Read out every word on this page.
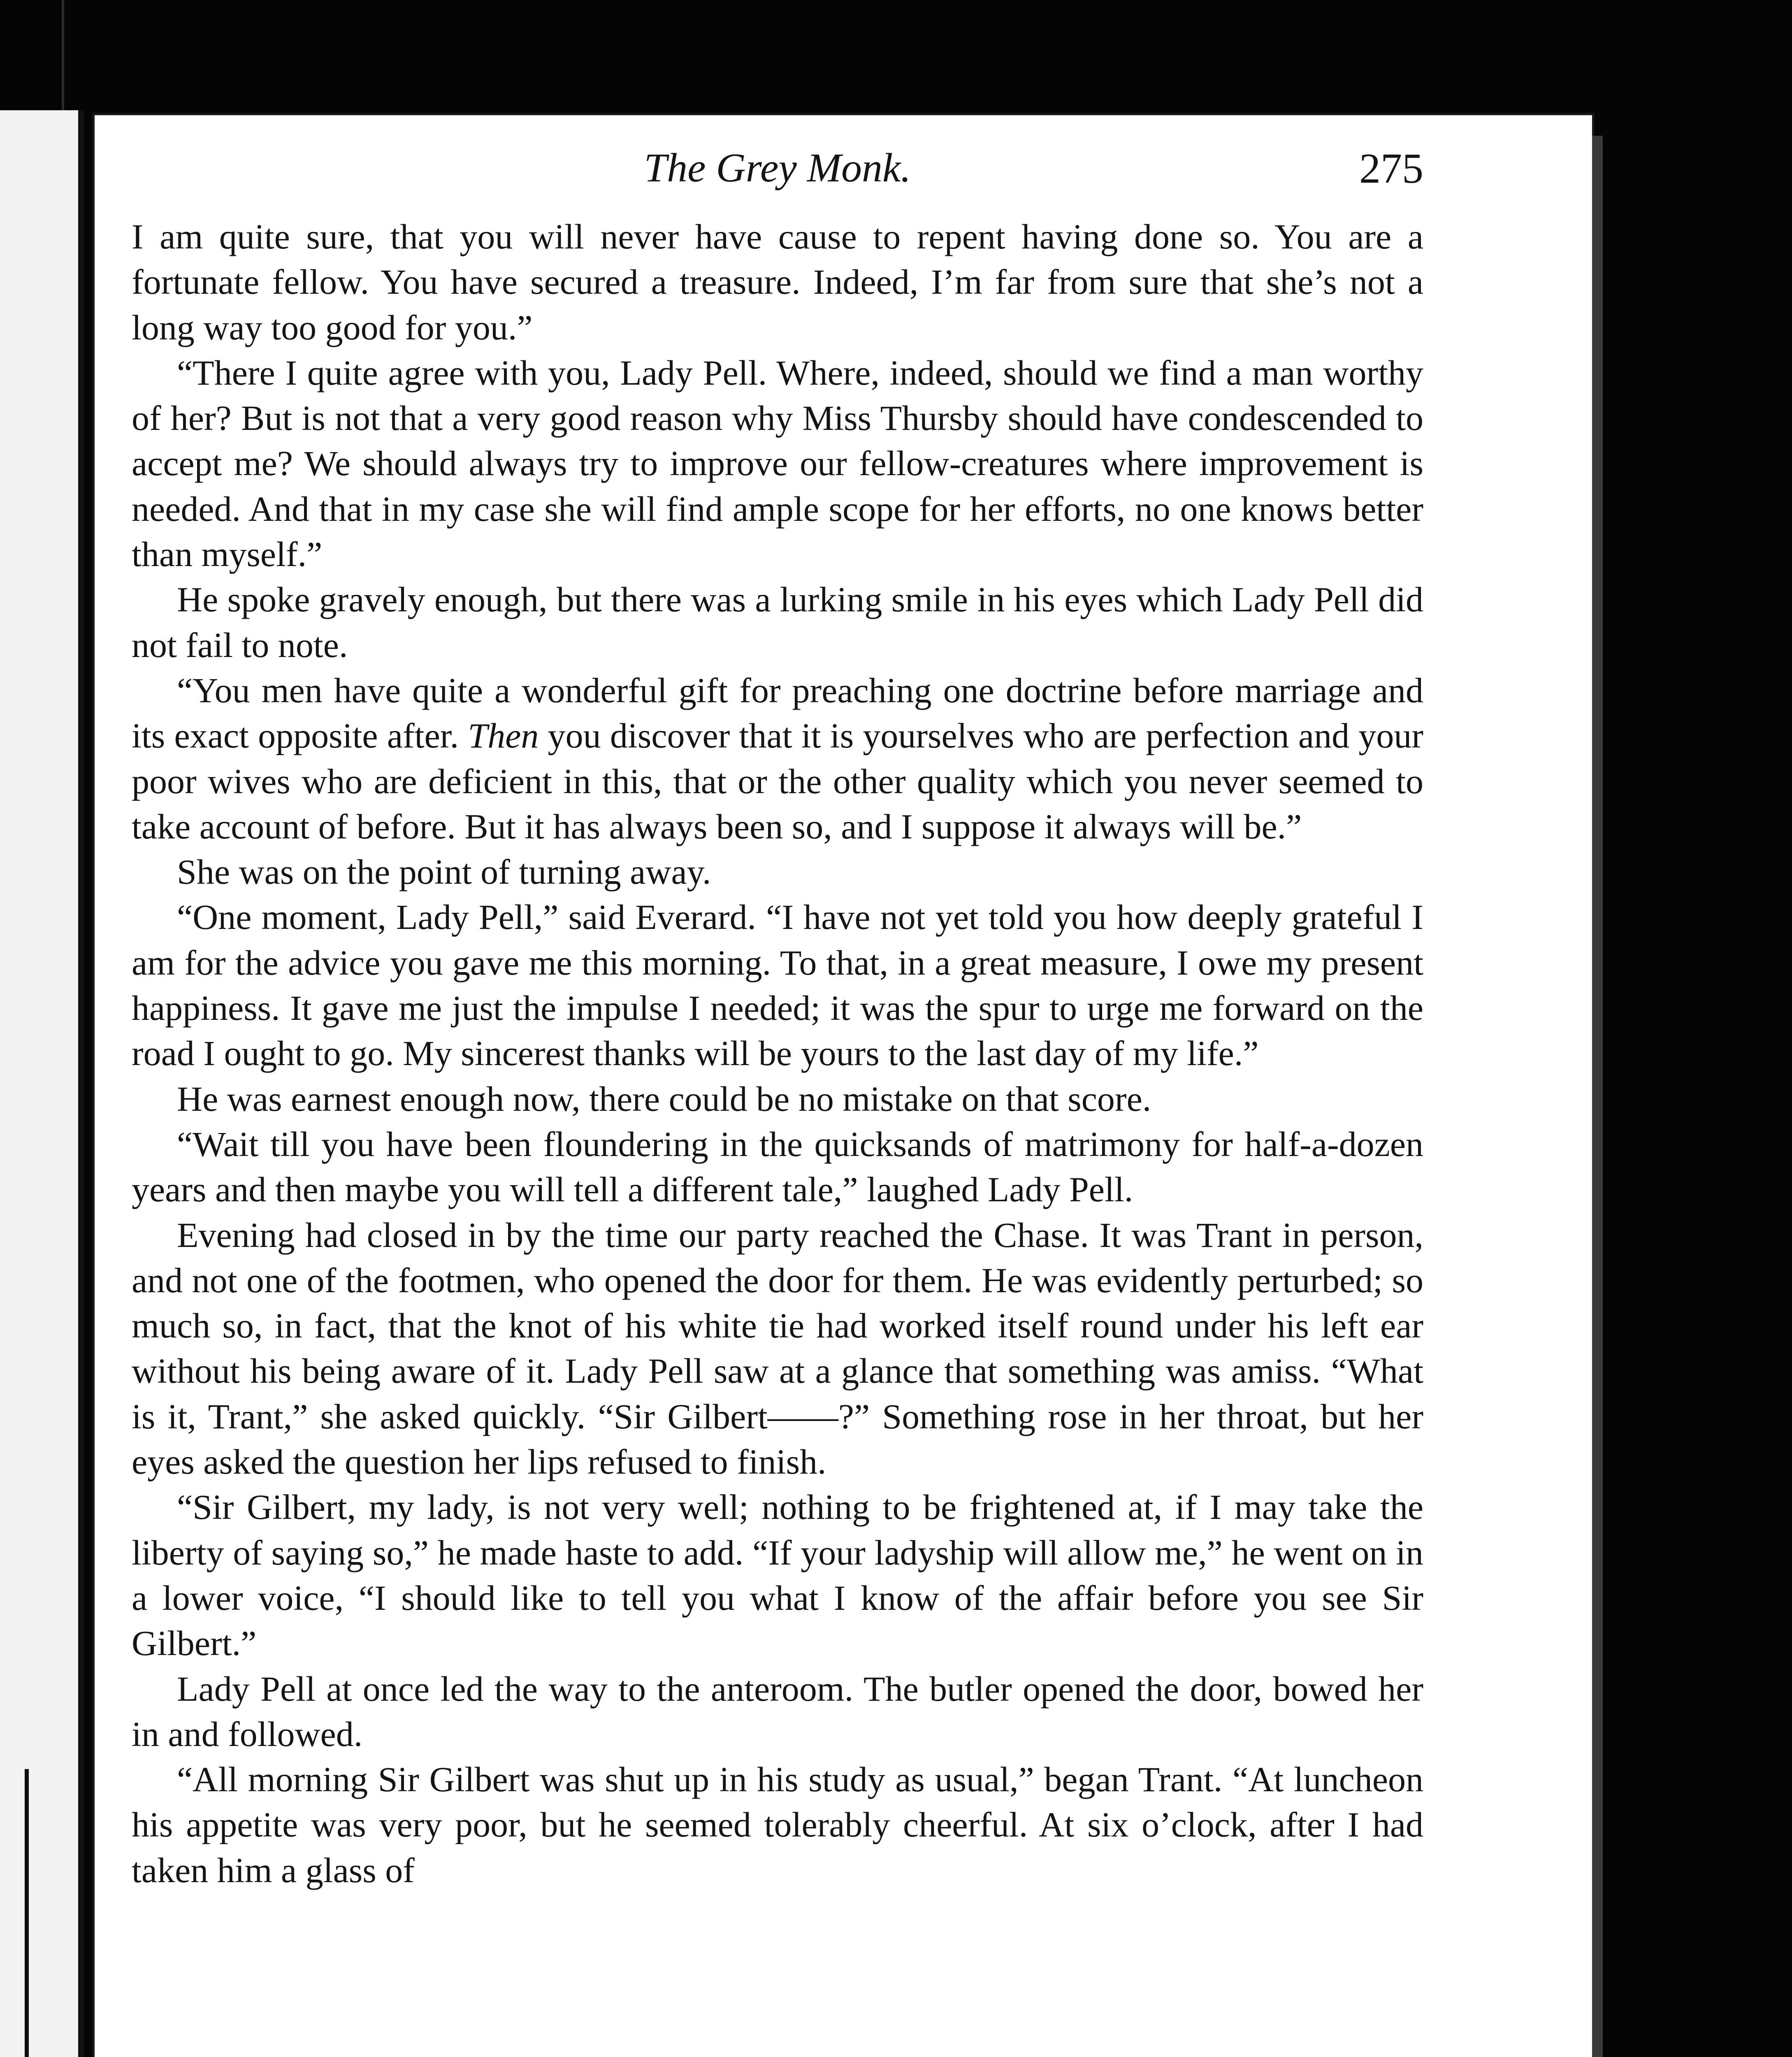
The Grey Monk.	275

I am quite sure, that you will never have cause to repent having done so. You are a fortunate fellow. You have secured a treasure. Indeed, I’m far from sure that she’s not a long way too good for you.”

“There I quite agree with you, Lady Pell. Where, indeed, should we find a man worthy of her? But is not that a very good reason why Miss Thursby should have condescended to accept me? We should always try to improve our fellow-creatures where improvement is needed. And that in my case she will find ample scope for her efforts, no one knows better than myself.”

He spoke gravely enough, but there was a lurking smile in his eyes which Lady Pell did not fail to note.

“You men have quite a wonderful gift for preaching one doctrine before marriage and its exact opposite after. Then you discover that it is yourselves who are perfection and your poor wives who are deficient in this, that or the other quality which you never seemed to take account of before. But it has always been so, and I suppose it always will be.”

She was on the point of turning away.

“One moment, Lady Pell,” said Everard. “I have not yet told you how deeply grateful I am for the advice you gave me this morning. To that, in a great measure, I owe my present happiness. It gave me just the impulse I needed; it was the spur to urge me forward on the road I ought to go. My sincerest thanks will be yours to the last day of my life.”

He was earnest enough now, there could be no mistake on that score.

“Wait till you have been floundering in the quicksands of matrimony for half-a-dozen years and then maybe you will tell a different tale,” laughed Lady Pell.

Evening had closed in by the time our party reached the Chase. It was Trant in person, and not one of the footmen, who opened the door for them. He was evidently perturbed; so much so, in fact, that the knot of his white tie had worked itself round under his left ear without his being aware of it. Lady Pell saw at a glance that something was amiss. “What is it, Trant,” she asked quickly. “Sir Gilbert——?” Something rose in her throat, but her eyes asked the question her lips refused to finish.

“Sir Gilbert, my lady, is not very well; nothing to be frightened at, if I may take the liberty of saying so,” he made haste to add. “If your ladyship will allow me,” he went on in a lower voice, “I should like to tell you what I know of the affair before you see Sir Gilbert.”

Lady Pell at once led the way to the anteroom. The butler opened the door, bowed her in and followed.

“All morning Sir Gilbert was shut up in his study as usual,” began Trant. “At luncheon his appetite was very poor, but he seemed tolerably cheerful. At six o’clock, after I had taken him a glass of
